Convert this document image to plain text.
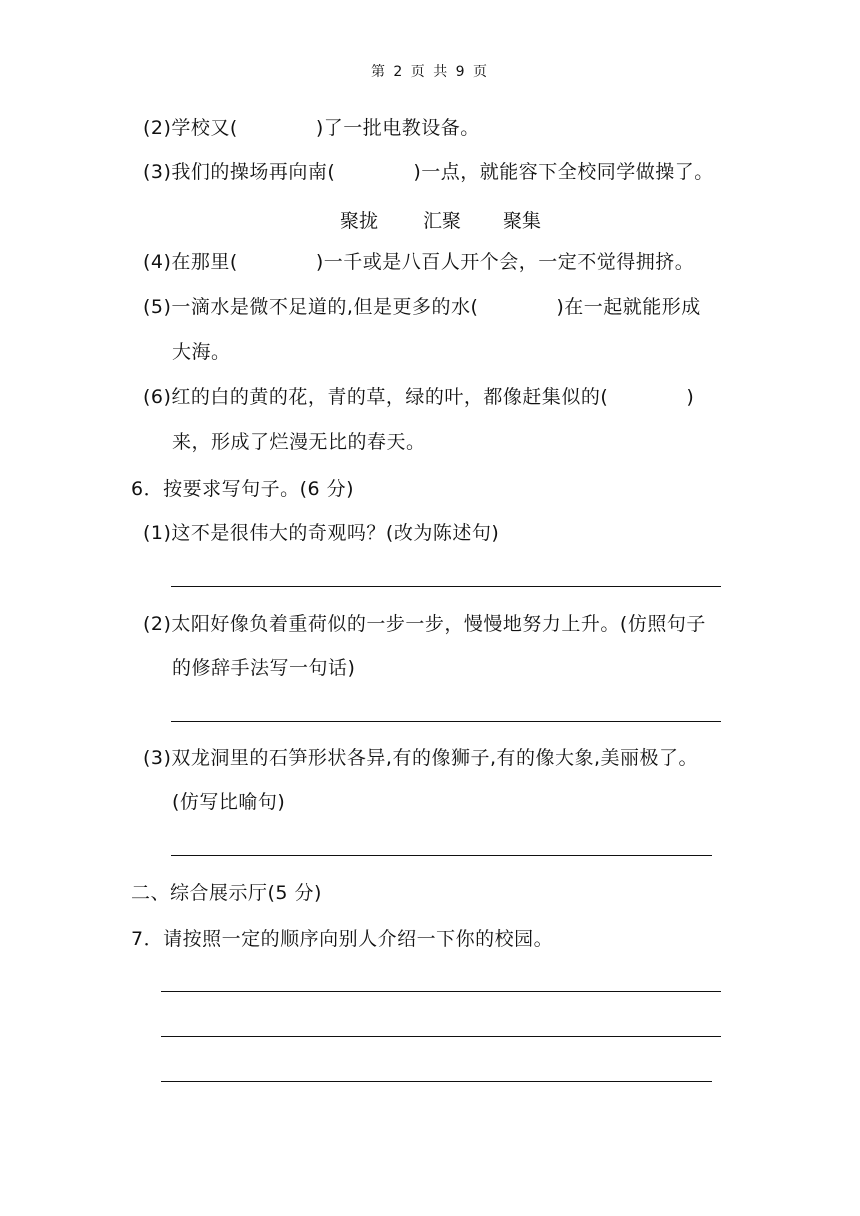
第 2 页 共 9 页
(2)学校又(　　　　)了一批电教设备。
(3)我们的操场再向南(　　　　)一点，就能容下全校同学做操了。
聚拢 汇聚 聚集
(4)在那里(　　　　)一千或是八百人开个会，一定不觉得拥挤。
(5)一滴水是微不足道的,但是更多的水(　　　　)在一起就能形成
大海。
(6)红的白的黄的花，青的草，绿的叶，都像赶集似的(　　　　)
来，形成了烂漫无比的春天。
6．按要求写句子。(6 分)
(1)这不是很伟大的奇观吗？(改为陈述句)
(2)太阳好像负着重荷似的一步一步，慢慢地努力上升。(仿照句子
的修辞手法写一句话)
(3)双龙洞里的石笋形状各异,有的像狮子,有的像大象,美丽极了。
(仿写比喻句)
二、综合展示厅(5 分)
7．请按照一定的顺序向别人介绍一下你的校园。
